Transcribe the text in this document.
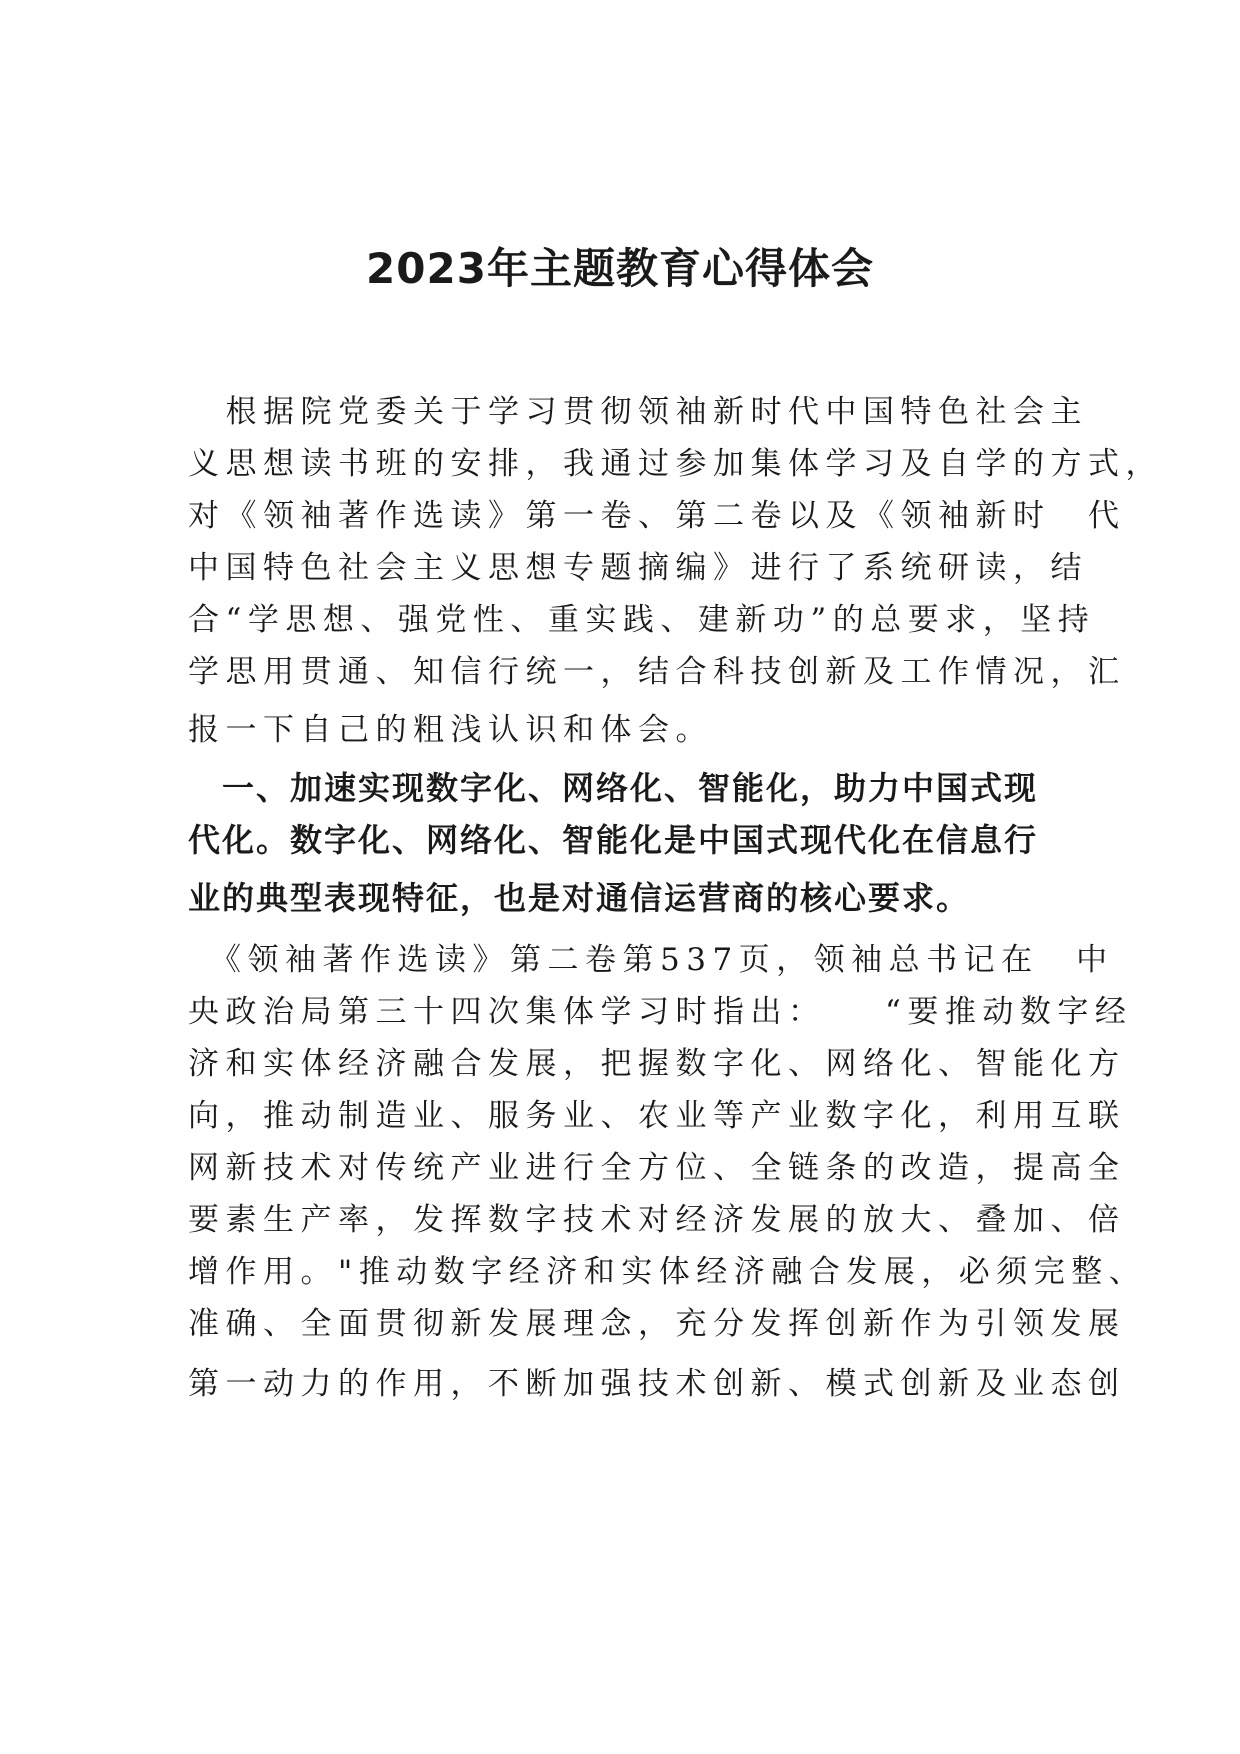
2023年主题教育心得体会

　根据院党委关于学习贯彻领袖新时代中国特色社会主

义思想读书班的安排，我通过参加集体学习及自学的方式，

对《领袖著作选读》第一卷、第二卷以及《领袖新时　代

中国特色社会主义思想专题摘编》进行了系统研读，结

合“学思想、强党性、重实践、建新功”的总要求，坚持

学思用贯通、知信行统一，结合科技创新及工作情况，汇

报一下自己的粗浅认识和体会。

　一、加速实现数字化、网络化、智能化，助力中国式现

代化。数字化、网络化、智能化是中国式现代化在信息行

业的典型表现特征，也是对通信运营商的核心要求。

　《领袖著作选读》第二卷第537页，领袖总书记在　中

央政治局第三十四次集体学习时指出：　　“要推动数字经

济和实体经济融合发展，把握数字化、网络化、智能化方

向，推动制造业、服务业、农业等产业数字化，利用互联

网新技术对传统产业进行全方位、全链条的改造，提高全

要素生产率，发挥数字技术对经济发展的放大、叠加、倍

增作用。"推动数字经济和实体经济融合发展，必须完整、

准确、全面贯彻新发展理念，充分发挥创新作为引领发展

第一动力的作用，不断加强技术创新、模式创新及业态创
